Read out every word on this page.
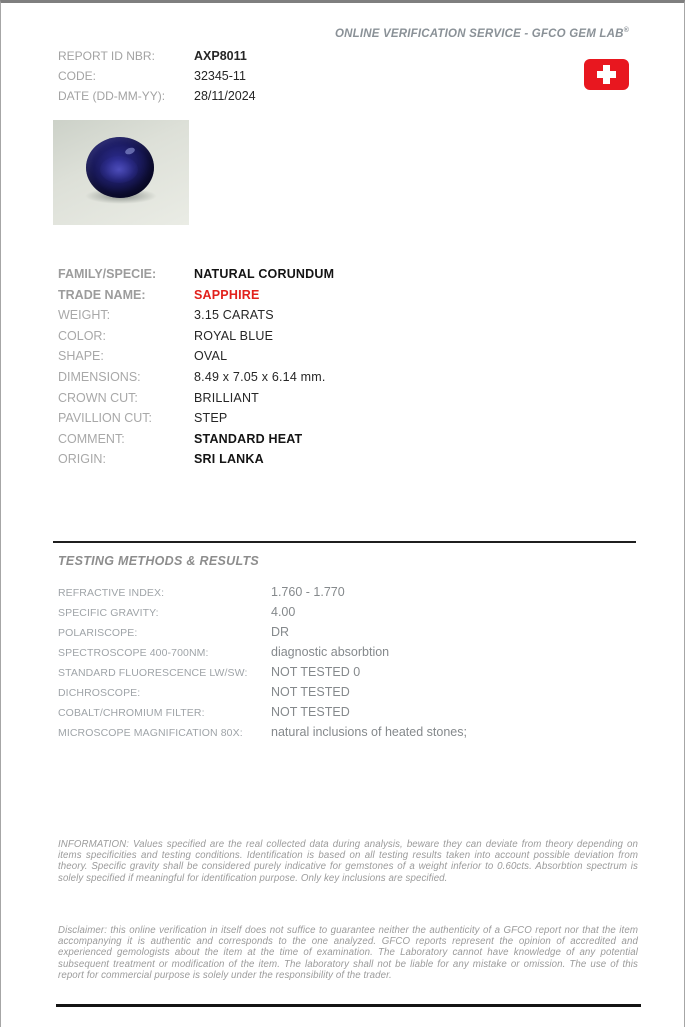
ONLINE VERIFICATION SERVICE - GFCO GEM LAB®
REPORT ID NBR:	AXP8011
CODE:	32345-11
DATE (DD-MM-YY):	28/11/2024
FAMILY/SPECIE:	NATURAL CORUNDUM
TRADE NAME:	SAPPHIRE
WEIGHT:	3.15 CARATS
COLOR:	ROYAL BLUE
SHAPE:	OVAL
DIMENSIONS:	8.49 x 7.05 x 6.14 mm.
CROWN CUT:	BRILLIANT
PAVILLION CUT:	STEP
COMMENT:	STANDARD HEAT
ORIGIN:	SRI LANKA
TESTING METHODS & RESULTS
REFRACTIVE INDEX:	1.760 - 1.770
SPECIFIC GRAVITY:	4.00
POLARISCOPE:	DR
SPECTROSCOPE 400-700NM:	diagnostic absorbtion
STANDARD FLUORESCENCE LW/SW:	NOT TESTED 0
DICHROSCOPE:	NOT TESTED
COBALT/CHROMIUM FILTER:	NOT TESTED
MICROSCOPE MAGNIFICATION 80X:	natural inclusions of heated stones;

INFORMATION: Values specified are the real collected data during analysis, beware they can deviate from theory depending on items specificities and testing conditions. Identification is based on all testing results taken into account possible deviation from theory. Specific gravity shall be considered purely indicative for gemstones of a weight inferior to 0.60cts. Absorbtion spectrum is solely specified if meaningful for identification purpose. Only key inclusions are specified.

Disclaimer: this online verification in itself does not suffice to guarantee neither the authenticity of a GFCO report nor that the item accompanying it is authentic and corresponds to the one analyzed. GFCO reports represent the opinion of accredited and experienced gemologists about the item at the time of examination. The Laboratory cannot have knowledge of any potential subsequent treatment or modification of the item. The laboratory shall not be liable for any mistake or omission. The use of this report for commercial purpose is solely under the responsibility of the trader.
